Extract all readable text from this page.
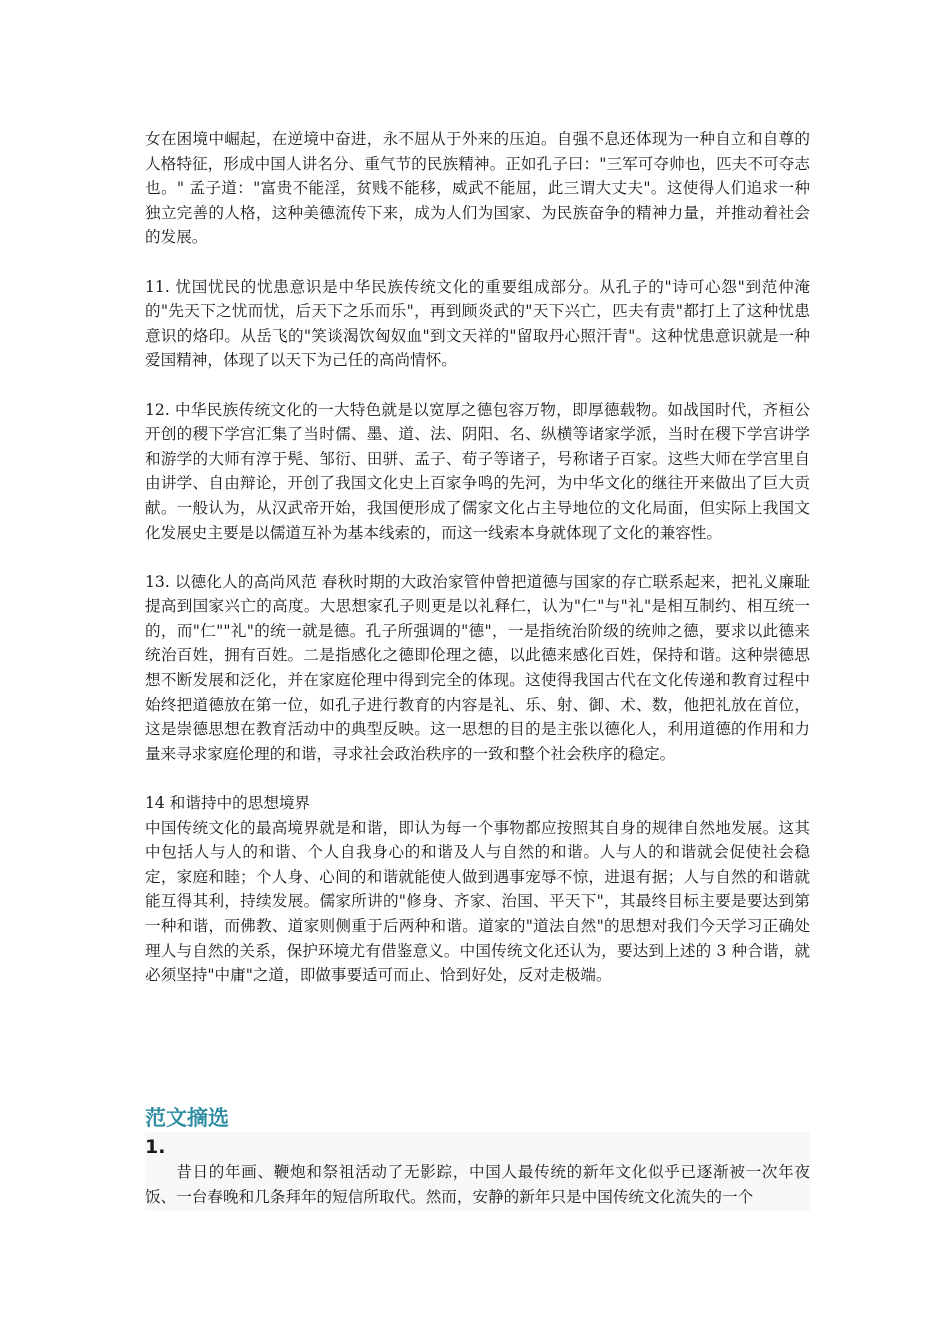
女在困境中崛起，在逆境中奋进，永不屈从于外来的压迫。自强不息还体现为一种自立和自尊的人格特征，形成中国人讲名分、重气节的民族精神。正如孔子曰："三军可夺帅也，匹夫不可夺志也。" 孟子道："富贵不能淫，贫贱不能移，威武不能屈，此三谓大丈夫"。这使得人们追求一种独立完善的人格，这种美德流传下来，成为人们为国家、为民族奋争的精神力量，并推动着社会的发展。

11. 忧国忧民的忧患意识是中华民族传统文化的重要组成部分。从孔子的"诗可心怨"到范仲淹的"先天下之忧而忧，后天下之乐而乐"，再到顾炎武的"天下兴亡，匹夫有责"都打上了这种忧患意识的烙印。从岳飞的"笑谈渴饮匈奴血"到文天祥的"留取丹心照汗青"。这种忧患意识就是一种爱国精神，体现了以天下为己任的高尚情怀。

12. 中华民族传统文化的一大特色就是以宽厚之德包容万物，即厚德载物。如战国时代，齐桓公开创的稷下学宫汇集了当时儒、墨、道、法、阴阳、名、纵横等诸家学派，当时在稷下学宫讲学和游学的大师有淳于髡、邹衍、田骈、孟子、荀子等诸子，号称诸子百家。这些大师在学宫里自由讲学、自由辩论，开创了我国文化史上百家争鸣的先河，为中华文化的继往开来做出了巨大贡献。一般认为，从汉武帝开始，我国便形成了儒家文化占主导地位的文化局面，但实际上我国文化发展史主要是以儒道互补为基本线索的，而这一线索本身就体现了文化的兼容性。

13. 以德化人的高尚风范 春秋时期的大政治家管仲曾把道德与国家的存亡联系起来，把礼义廉耻提高到国家兴亡的高度。大思想家孔子则更是以礼释仁，认为"仁"与"礼"是相互制约、相互统一的，而"仁""礼"的统一就是德。孔子所强调的"德"，一是指统治阶级的统帅之德，要求以此德来统治百姓，拥有百姓。二是指感化之德即伦理之德，以此德来感化百姓，保持和谐。这种崇德思想不断发展和泛化，并在家庭伦理中得到完全的体现。这使得我国古代在文化传递和教育过程中始终把道德放在第一位，如孔子进行教育的内容是礼、乐、射、御、术、数，他把礼放在首位，这是崇德思想在教育活动中的典型反映。这一思想的目的是主张以德化人，利用道德的作用和力量来寻求家庭伦理的和谐，寻求社会政治秩序的一致和整个社会秩序的稳定。

14 和谐持中的思想境界

中国传统文化的最高境界就是和谐，即认为每一个事物都应按照其自身的规律自然地发展。这其中包括人与人的和谐、个人自我身心的和谐及人与自然的和谐。人与人的和谐就会促使社会稳定，家庭和睦；个人身、心间的和谐就能使人做到遇事宠辱不惊，进退有据；人与自然的和谐就能互得其利，持续发展。儒家所讲的"修身、齐家、治国、平天下"，其最终目标主要是要达到第一种和谐，而佛教、道家则侧重于后两种和谐。道家的"道法自然"的思想对我们今天学习正确处理人与自然的关系，保护环境尤有借鉴意义。中国传统文化还认为，要达到上述的 3 种合谐，就必须坚持"中庸"之道，即做事要适可而止、恰到好处，反对走极端。

范文摘选

1.

昔日的年画、鞭炮和祭祖活动了无影踪，中国人最传统的新年文化似乎已逐渐被一次年夜饭、一台春晚和几条拜年的短信所取代。然而，安静的新年只是中国传统文化流失的一个
